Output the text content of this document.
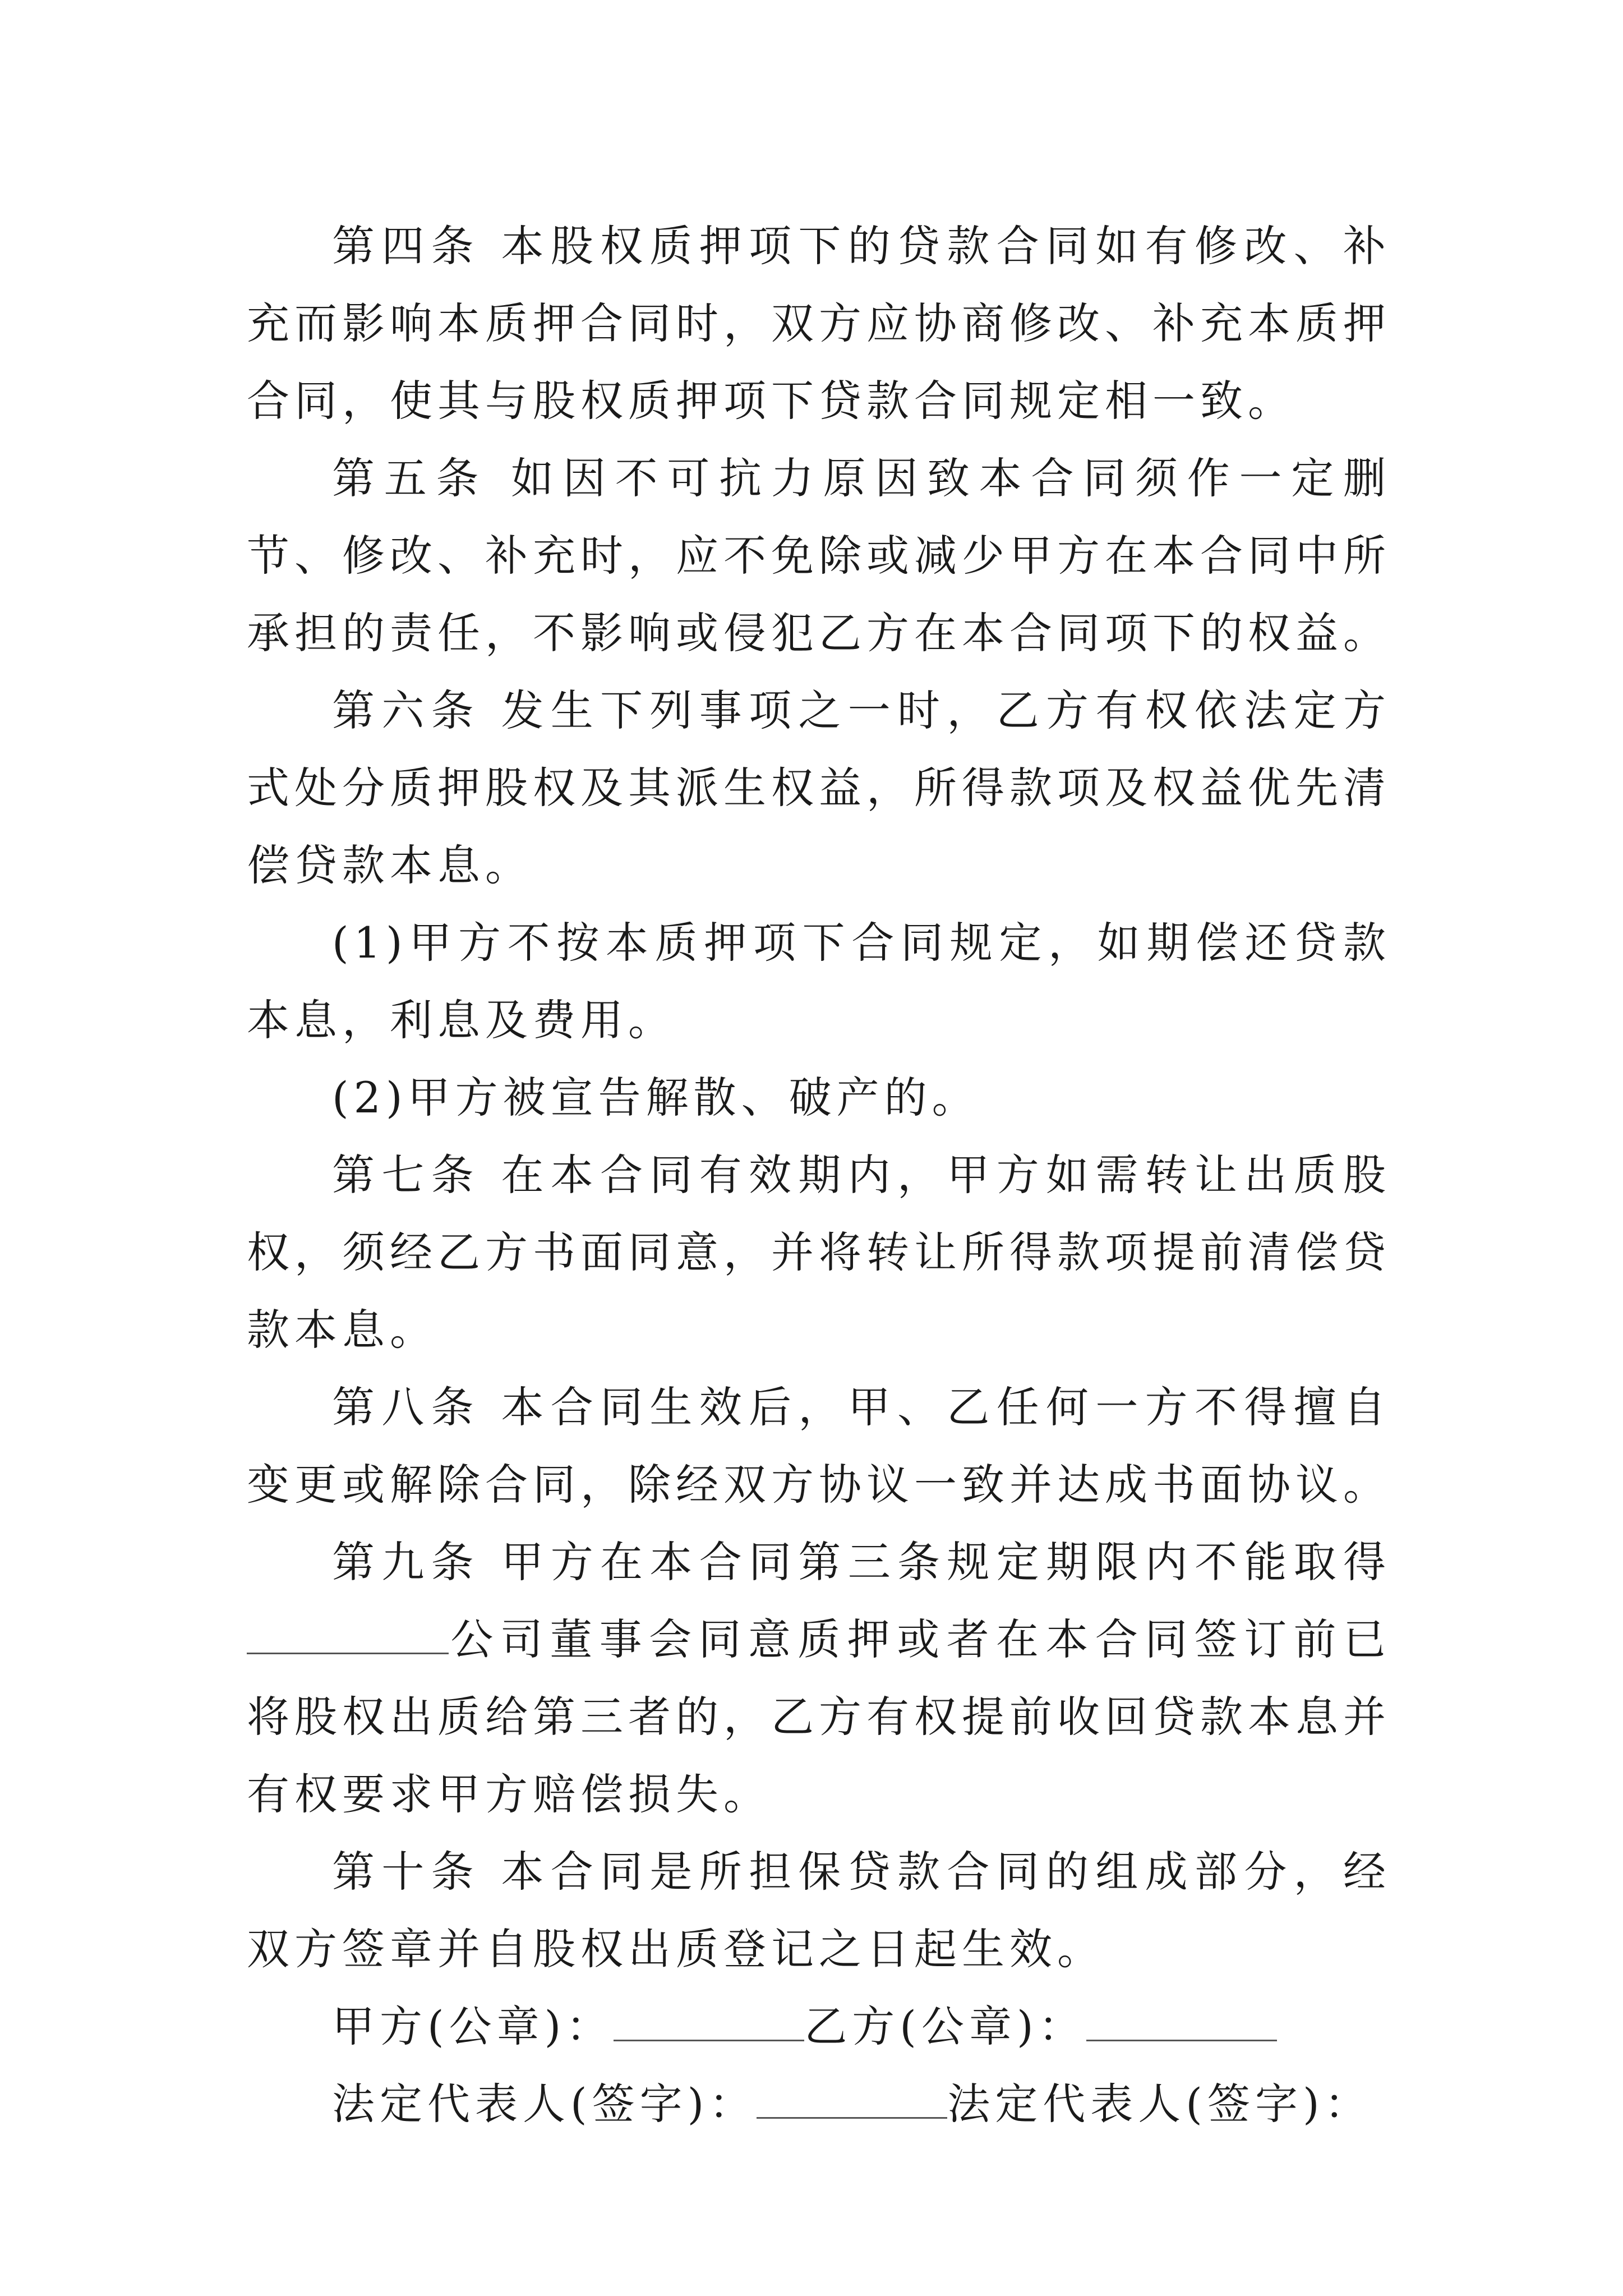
第四条 本股权质押项下的贷款合同如有修改、补充而影响本质押合同时，双方应协商修改、补充本质押合同，使其与股权质押项下贷款合同规定相一致。

第五条 如因不可抗力原因致本合同须作一定删节、修改、补充时，应不免除或减少甲方在本合同中所承担的责任，不影响或侵犯乙方在本合同项下的权益。

第六条 发生下列事项之一时，乙方有权依法定方式处分质押股权及其派生权益，所得款项及权益优先清偿贷款本息。

(1)甲方不按本质押项下合同规定，如期偿还贷款本息，利息及费用。

(2)甲方被宣告解散、破产的。

第七条 在本合同有效期内，甲方如需转让出质股权，须经乙方书面同意，并将转让所得款项提前清偿贷款本息。

第八条 本合同生效后，甲、乙任何一方不得擅自变更或解除合同，除经双方协议一致并达成书面协议。

第九条 甲方在本合同第三条规定期限内不能取得公司董事会同意质押或者在本合同签订前已将股权出质给第三者的，乙方有权提前收回贷款本息并有权要求甲方赔偿损失。

第十条 本合同是所担保贷款合同的组成部分，经双方签章并自股权出质登记之日起生效。

甲方(公章)：	乙方(公章)：

法定代表人(签字)：	法定代表人(签字)：
